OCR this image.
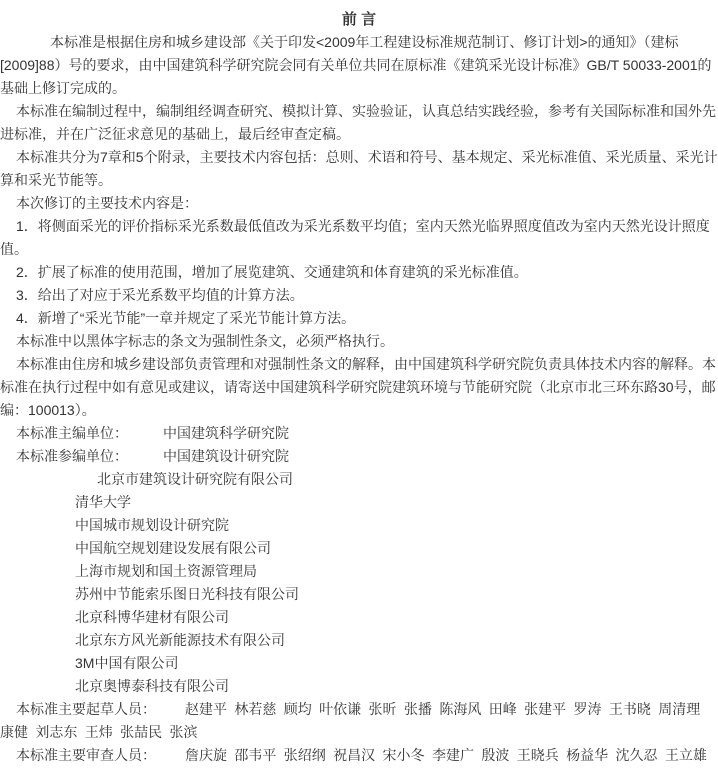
前 言

本标准是根据住房和城乡建设部《关于印发<2009年工程建设标准规范制订、修订计划>的通知》（建标[2009]88）号的要求，由中国建筑科学研究院会同有关单位共同在原标准《建筑采光设计标准》GB/T 50033-2001的基础上修订完成的。

本标准在编制过程中，编制组经调查研究、模拟计算、实验验证，认真总结实践经验，参考有关国际标准和国外先进标准，并在广泛征求意见的基础上，最后经审查定稿。

本标准共分为7章和5个附录，主要技术内容包括：总则、术语和符号、基本规定、采光标准值、采光质量、采光计算和采光节能等。

本次修订的主要技术内容是：

1．将侧面采光的评价指标采光系数最低值改为采光系数平均值；室内天然光临界照度值改为室内天然光设计照度值。

2．扩展了标准的使用范围，增加了展览建筑、交通建筑和体育建筑的采光标准值。

3．给出了对应于采光系数平均值的计算方法。

4．新增了“采光节能”一章并规定了采光节能计算方法。

本标准中以黑体字标志的条文为强制性条文，必须严格执行。

本标准由住房和城乡建设部负责管理和对强制性条文的解释，由中国建筑科学研究院负责具体技术内容的解释。本标准在执行过程中如有意见或建议，请寄送中国建筑科学研究院建筑环境与节能研究院（北京市北三环东路30号，邮编：100013）。

本标准主编单位：	中国建筑科学研究院

本标准参编单位：	中国建筑设计研究院

北京市建筑设计研究院有限公司

清华大学

中国城市规划设计研究院

中国航空规划建设发展有限公司

上海市规划和国土资源管理局

苏州中节能索乐图日光科技有限公司

北京科博华建材有限公司

北京东方风光新能源技术有限公司

3M中国有限公司

北京奥博泰科技有限公司

本标准主要起草人员： 赵建平 林若慈 顾均 叶依谦 张昕 张播 陈海风 田峰 张建平 罗涛 王书晓 周清理 康健 刘志东 王炜 张喆民 张滨

本标准主要审查人员： 詹庆旋 邵韦平 张绍纲 祝昌汉 宋小冬 李建广 殷波 王晓兵 杨益华 沈久忍 王立雄
